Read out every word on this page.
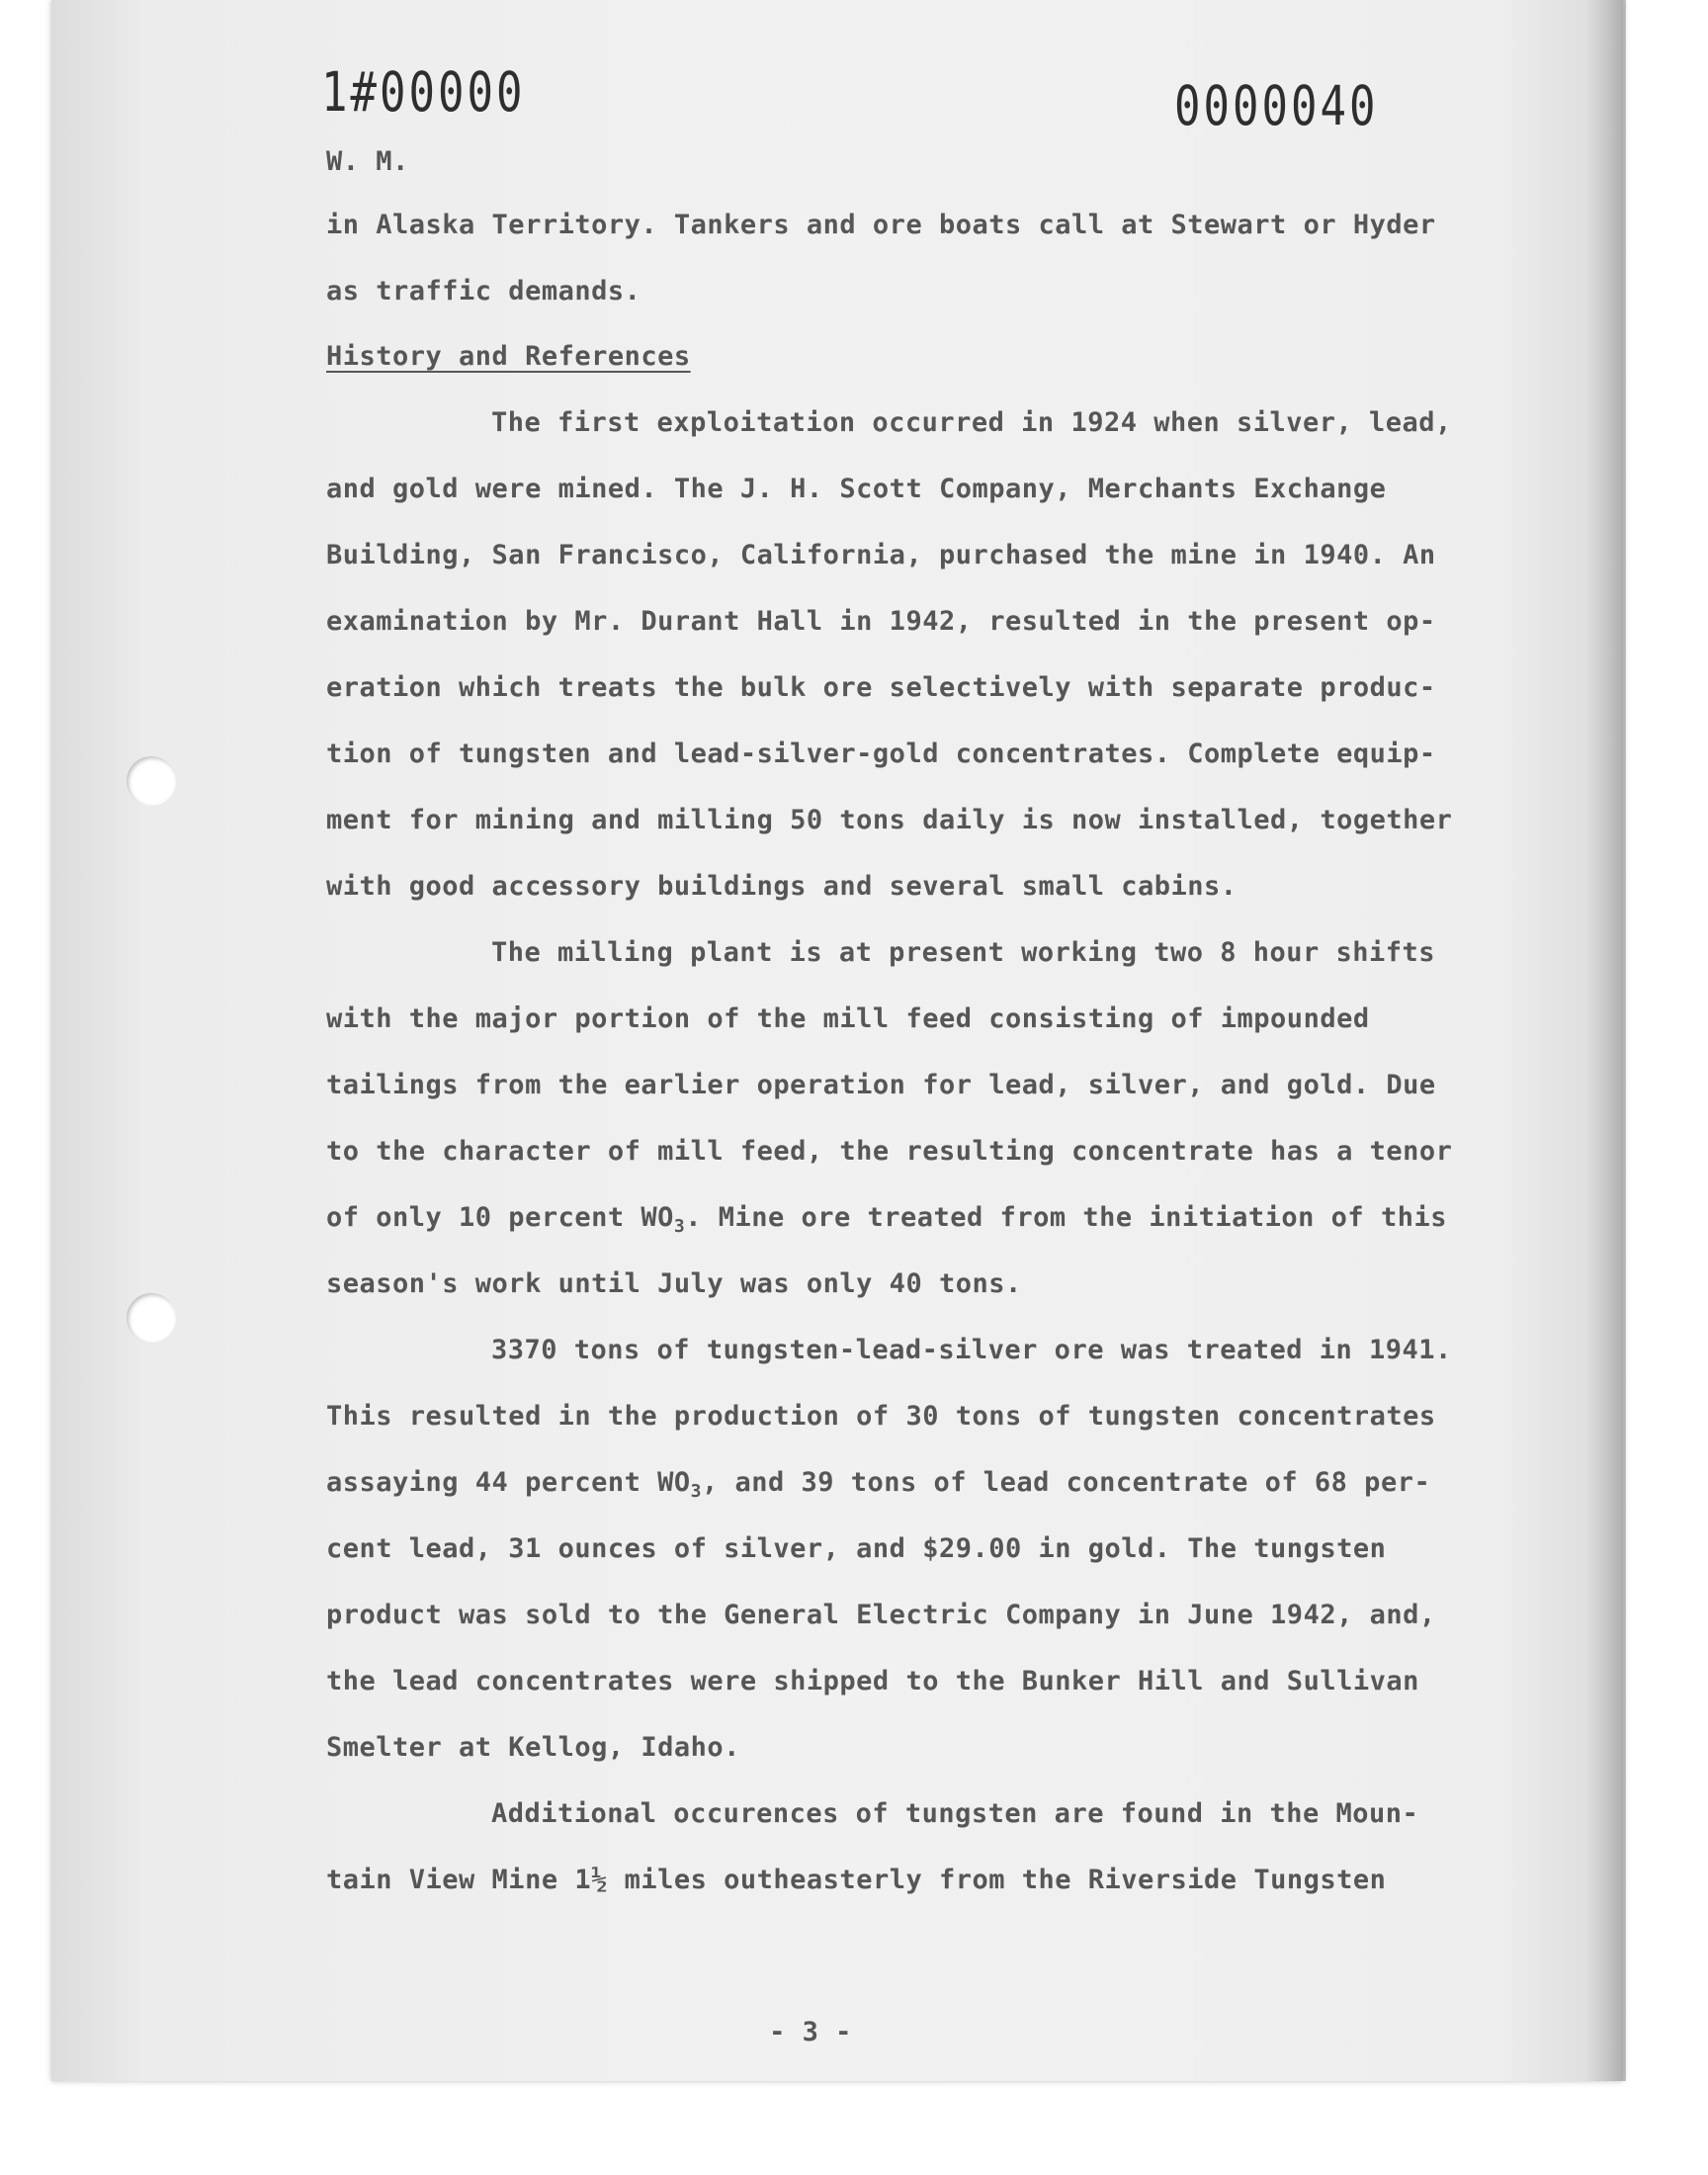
1#00000	0000040
W. M.
in Alaska Territory. Tankers and ore boats call at Stewart or Hyder
as traffic demands.
History and References
The first exploitation occurred in 1924 when silver, lead,
and gold were mined. The J. H. Scott Company, Merchants Exchange
Building, San Francisco, California, purchased the mine in 1940. An
examination by Mr. Durant Hall in 1942, resulted in the present op-
eration which treats the bulk ore selectively with separate produc-
tion of tungsten and lead-silver-gold concentrates. Complete equip-
ment for mining and milling 50 tons daily is now installed, together
with good accessory buildings and several small cabins.
The milling plant is at present working two 8 hour shifts
with the major portion of the mill feed consisting of impounded
tailings from the earlier operation for lead, silver, and gold. Due
to the character of mill feed, the resulting concentrate has a tenor
of only 10 percent $WO_3$. Mine ore treated from the initiation of this
season's work until July was only 40 tons.
3370 tons of tungsten-lead-silver ore was treated in 1941.
This resulted in the production of 30 tons of tungsten concentrates
assaying 44 percent $WO_3$, and 39 tons of lead concentrate of 68 per-
cent lead, 31 ounces of silver, and $29.00 in gold. The tungsten
product was sold to the General Electric Company in June 1942, and,
the lead concentrates were shipped to the Bunker Hill and Sullivan
Smelter at Kellog, Idaho.
Additional occurences of tungsten are found in the Moun-
tain View Mine 1½ miles outheasterly from the Riverside Tungsten
- 3 -
